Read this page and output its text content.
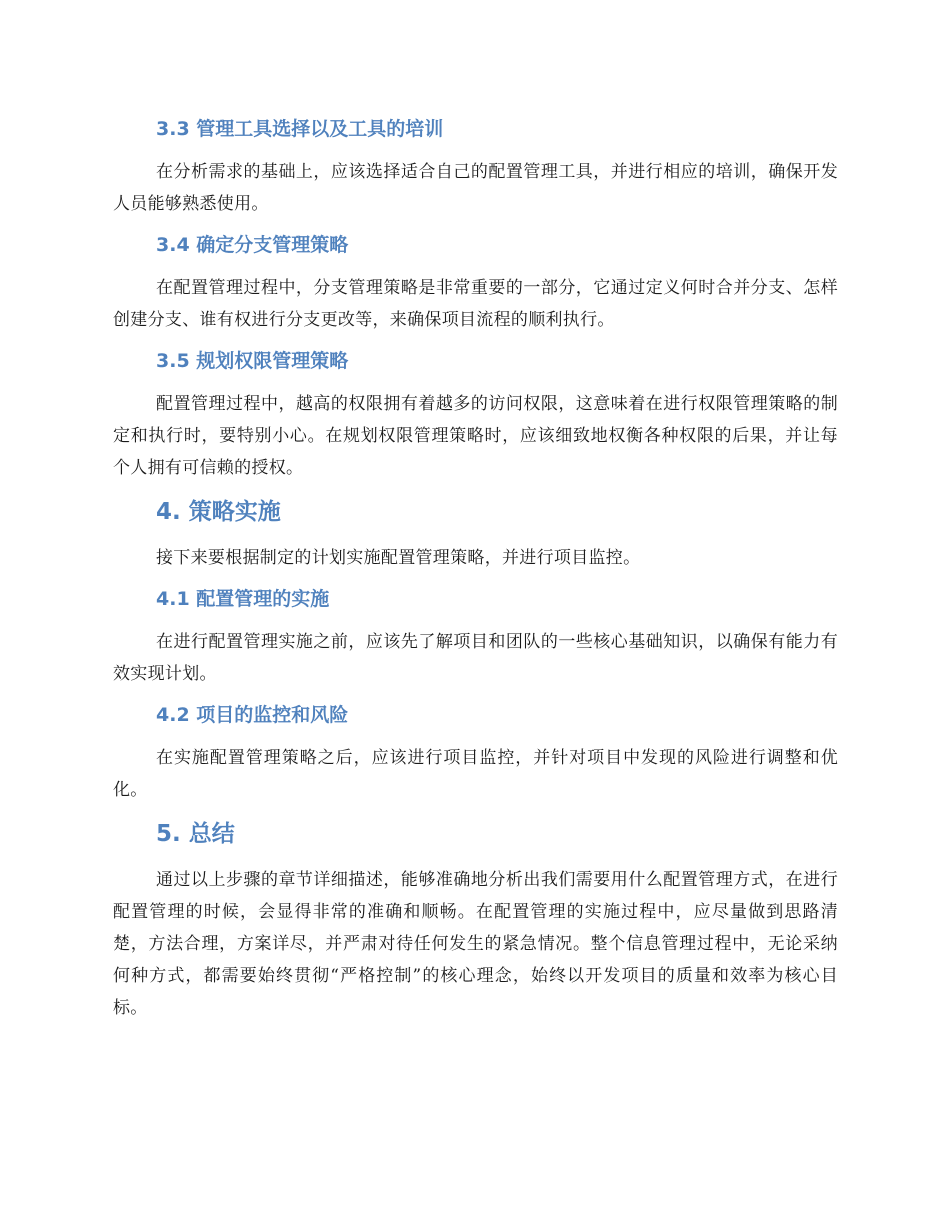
3.3 管理工具选择以及工具的培训

在分析需求的基础上，应该选择适合自己的配置管理工具，并进行相应的培训，确保开发人员能够熟悉使用。

3.4 确定分支管理策略

在配置管理过程中，分支管理策略是非常重要的一部分，它通过定义何时合并分支、怎样创建分支、谁有权进行分支更改等，来确保项目流程的顺利执行。

3.5 规划权限管理策略

配置管理过程中，越高的权限拥有着越多的访问权限，这意味着在进行权限管理策略的制定和执行时，要特别小心。在规划权限管理策略时，应该细致地权衡各种权限的后果，并让每个人拥有可信赖的授权。

4. 策略实施

接下来要根据制定的计划实施配置管理策略，并进行项目监控。

4.1 配置管理的实施

在进行配置管理实施之前，应该先了解项目和团队的一些核心基础知识，以确保有能力有效实现计划。

4.2 项目的监控和风险

在实施配置管理策略之后，应该进行项目监控，并针对项目中发现的风险进行调整和优化。

5. 总结

通过以上步骤的章节详细描述，能够准确地分析出我们需要用什么配置管理方式，在进行配置管理的时候，会显得非常的准确和顺畅。在配置管理的实施过程中，应尽量做到思路清楚，方法合理，方案详尽，并严肃对待任何发生的紧急情况。整个信息管理过程中，无论采纳何种方式，都需要始终贯彻“严格控制”的核心理念，始终以开发项目的质量和效率为核心目标。
